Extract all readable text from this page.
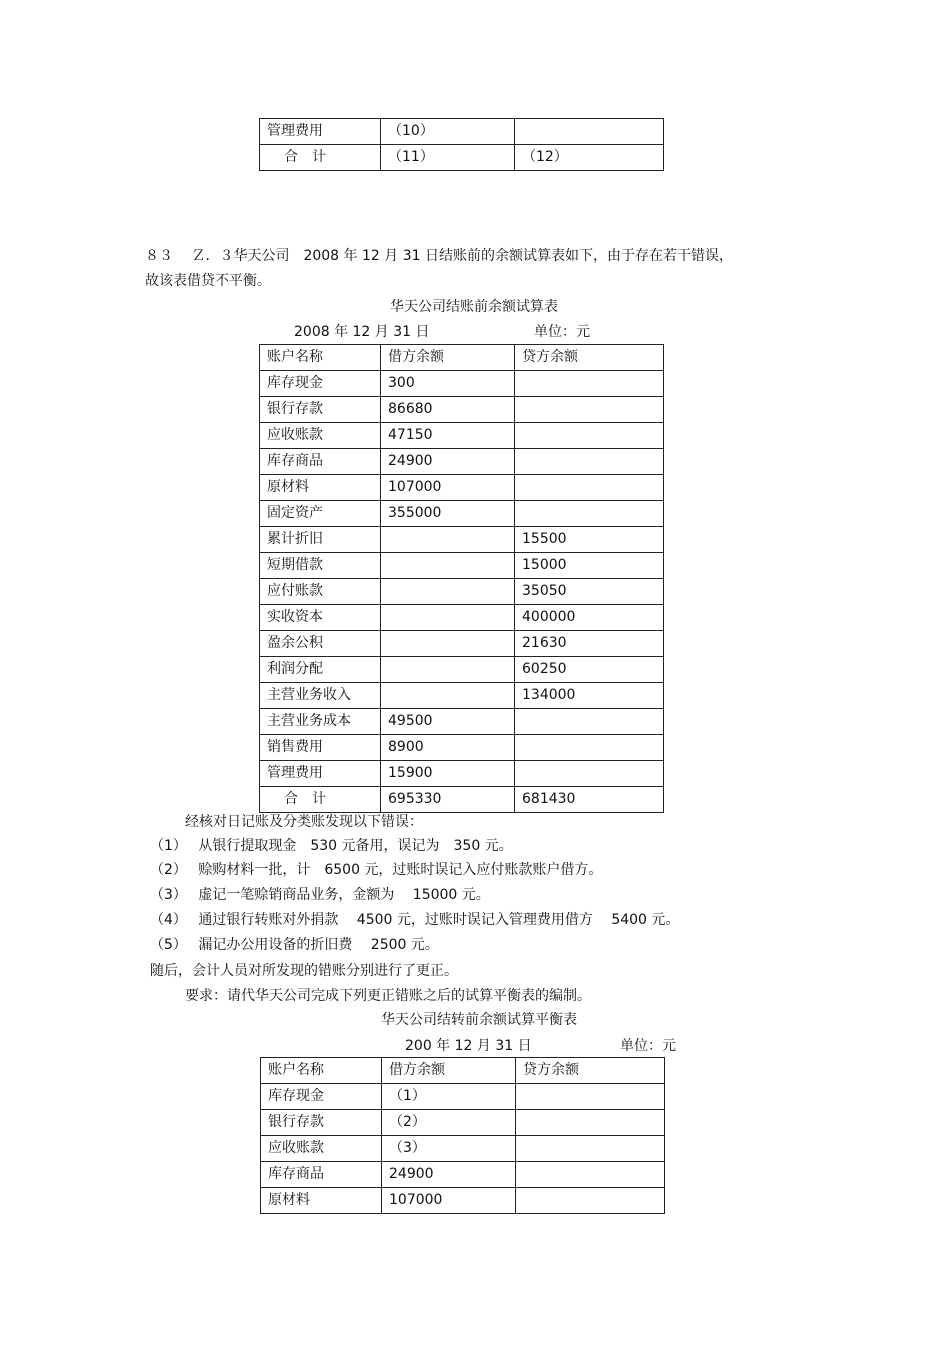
管理费用	（10）	
合　计	（11）	（12）
８３　 Ｚ．３华天公司　2008 年 12 月 31 日结账前的余额试算表如下，由于存在若干错误，
故该表借贷不平衡。
华天公司结账前余额试算表
2008 年 12 月 31 日	单位：元
账户名称	借方余额	贷方余额
库存现金	300	
银行存款	86680	
应收账款	47150	
库存商品	24900	
原材料	107000	
固定资产	355000	
累计折旧		15500
短期借款		15000
应付账款		35050
实收资本		400000
盈余公积		21630
利润分配		60250
主营业务收入		134000
主营业务成本	49500	
销售费用	8900	
管理费用	15900	
合　计	695330	681430
经核对日记账及分类账发现以下错误：
（1）　 从银行提取现金　530 元备用，误记为　350 元。
（2）　 赊购材料一批，计　6500 元，过账时误记入应付账款账户借方。
（3）　 虚记一笔赊销商品业务，金额为　 15000 元。
（4）　 通过银行转账对外捐款　 4500 元，过账时误记入管理费用借方　 5400 元。
（5）　 漏记办公用设备的折旧费　 2500 元。
随后，会计人员对所发现的错账分别进行了更正。
要求：请代华天公司完成下列更正错账之后的试算平衡表的编制。
华天公司结转前余额试算平衡表
200 年 12 月 31 日	单位：元
账户名称	借方余额	贷方余额
库存现金	（1）	
银行存款	（2）	
应收账款	（3）	
库存商品	24900	
原材料	107000	
